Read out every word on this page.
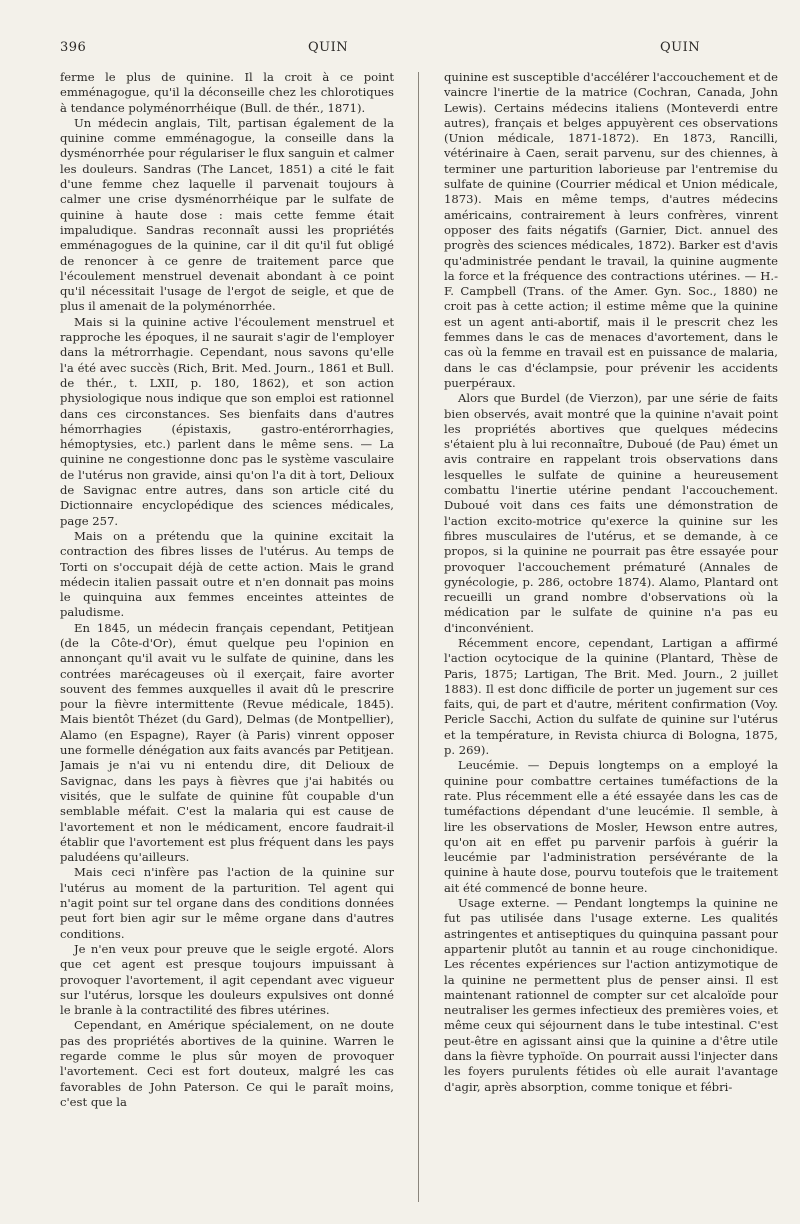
396	QUIN	QUIN

ferme le plus de quinine. Il la croit à ce point emménagogue, qu'il la déconseille chez les chlorotiques à tendance polyménorrhéique (Bull. de thér., 1871).

Un médecin anglais, Tilt, partisan également de la quinine comme emménagogue, la conseille dans la dysménorrhée pour régulariser le flux sanguin et calmer les douleurs. Sandras (The Lancet, 1851) a cité le fait d'une femme chez laquelle il parvenait toujours à calmer une crise dysménorrhéique par le sulfate de quinine à haute dose : mais cette femme était impaludique. Sandras reconnaît aussi les propriétés emménagogues de la quinine, car il dit qu'il fut obligé de renoncer à ce genre de traitement parce que l'écoulement menstruel devenait abondant à ce point qu'il nécessitait l'usage de l'ergot de seigle, et que de plus il amenait de la polyménorrhée.

Mais si la quinine active l'écoulement menstruel et rapproche les époques, il ne saurait s'agir de l'employer dans la métrorrhagie. Cependant, nous savons qu'elle l'a été avec succès (Rich, Brit. Med. Journ., 1861 et Bull. de thér., t. LXII, p. 180, 1862), et son action physiologique nous indique que son emploi est rationnel dans ces circonstances. Ses bienfaits dans d'autres hémorrhagies (épistaxis, gastro-entérorrhagies, hémoptysies, etc.) parlent dans le même sens. — La quinine ne congestionne donc pas le système vasculaire de l'utérus non gravide, ainsi qu'on l'a dit à tort, Delioux de Savignac entre autres, dans son article cité du Dictionnaire encyclopédique des sciences médicales, page 257.

Mais on a prétendu que la quinine excitait la contraction des fibres lisses de l'utérus. Au temps de Torti on s'occupait déjà de cette action. Mais le grand médecin italien passait outre et n'en donnait pas moins le quinquina aux femmes enceintes atteintes de paludisme.

En 1845, un médecin français cependant, Petitjean (de la Côte-d'Or), émut quelque peu l'opinion en annonçant qu'il avait vu le sulfate de quinine, dans les contrées marécageuses où il exerçait, faire avorter souvent des femmes auxquelles il avait dû le prescrire pour la fièvre intermittente (Revue médicale, 1845). Mais bientôt Thézet (du Gard), Delmas (de Montpellier), Alamo (en Espagne), Rayer (à Paris) vinrent opposer une formelle dénégation aux faits avancés par Petitjean. Jamais je n'ai vu ni entendu dire, dit Delioux de Savignac, dans les pays à fièvres que j'ai habités ou visités, que le sulfate de quinine fût coupable d'un semblable méfait. C'est la malaria qui est cause de l'avortement et non le médicament, encore faudrait-il établir que l'avortement est plus fréquent dans les pays paludéens qu'ailleurs.

Mais ceci n'infère pas l'action de la quinine sur l'utérus au moment de la parturition. Tel agent qui n'agit point sur tel organe dans des conditions données peut fort bien agir sur le même organe dans d'autres conditions.

Je n'en veux pour preuve que le seigle ergoté. Alors que cet agent est presque toujours impuissant à provoquer l'avortement, il agit cependant avec vigueur sur l'utérus, lorsque les douleurs expulsives ont donné le branle à la contractilité des fibres utérines.

Cependant, en Amérique spécialement, on ne doute pas des propriétés abortives de la quinine. Warren le regarde comme le plus sûr moyen de provoquer l'avortement. Ceci est fort douteux, malgré les cas favorables de John Paterson. Ce qui le paraît moins, c'est que la

quinine est susceptible d'accélérer l'accouchement et de vaincre l'inertie de la matrice (Cochran, Canada, John Lewis). Certains médecins italiens (Monteverdi entre autres), français et belges appuyèrent ces observations (Union médicale, 1871-1872). En 1873, Rancilli, vétérinaire à Caen, serait parvenu, sur des chiennes, à terminer une parturition laborieuse par l'entremise du sulfate de quinine (Courrier médical et Union médicale, 1873). Mais en même temps, d'autres médecins américains, contrairement à leurs confrères, vinrent opposer des faits négatifs (Garnier, Dict. annuel des progrès des sciences médicales, 1872). Barker est d'avis qu'administrée pendant le travail, la quinine augmente la force et la fréquence des contractions utérines. — H.-F. Campbell (Trans. of the Amer. Gyn. Soc., 1880) ne croit pas à cette action; il estime même que la quinine est un agent anti-abortif, mais il le prescrit chez les femmes dans le cas de menaces d'avortement, dans le cas où la femme en travail est en puissance de malaria, dans le cas d'éclampsie, pour prévenir les accidents puerpéraux.

Alors que Burdel (de Vierzon), par une série de faits bien observés, avait montré que la quinine n'avait point les propriétés abortives que quelques médecins s'étaient plu à lui reconnaître, Duboué (de Pau) émet un avis contraire en rappelant trois observations dans lesquelles le sulfate de quinine a heureusement combattu l'inertie utérine pendant l'accouchement. Duboué voit dans ces faits une démonstration de l'action excito-motrice qu'exerce la quinine sur les fibres musculaires de l'utérus, et se demande, à ce propos, si la quinine ne pourrait pas être essayée pour provoquer l'accouchement prématuré (Annales de gynécologie, p. 286, octobre 1874). Alamo, Plantard ont recueilli un grand nombre d'observations où la médication par le sulfate de quinine n'a pas eu d'inconvénient.

Récemment encore, cependant, Lartigan a affirmé l'action ocytocique de la quinine (Plantard, Thèse de Paris, 1875; Lartigan, The Brit. Med. Journ., 2 juillet 1883). Il est donc difficile de porter un jugement sur ces faits, qui, de part et d'autre, méritent confirmation (Voy. Pericle Sacchi, Action du sulfate de quinine sur l'utérus et la température, in Revista chiurca di Bologna, 1875, p. 269).

Leucémie. — Depuis longtemps on a employé la quinine pour combattre certaines tuméfactions de la rate. Plus récemment elle a été essayée dans les cas de tuméfactions dépendant d'une leucémie. Il semble, à lire les observations de Mosler, Hewson entre autres, qu'on ait en effet pu parvenir parfois à guérir la leucémie par l'administration persévérante de la quinine à haute dose, pourvu toutefois que le traitement ait été commencé de bonne heure.

Usage externe. — Pendant longtemps la quinine ne fut pas utilisée dans l'usage externe. Les qualités astringentes et antiseptiques du quinquina passant pour appartenir plutôt au tannin et au rouge cinchonidique. Les récentes expériences sur l'action antizymotique de la quinine ne permettent plus de penser ainsi. Il est maintenant rationnel de compter sur cet alcaloïde pour neutraliser les germes infectieux des premières voies, et même ceux qui séjournent dans le tube intestinal. C'est peut-être en agissant ainsi que la quinine a d'être utile dans la fièvre typhoïde. On pourrait aussi l'injecter dans les foyers purulents fétides où elle aurait l'avantage d'agir, après absorption, comme tonique et fébri-
